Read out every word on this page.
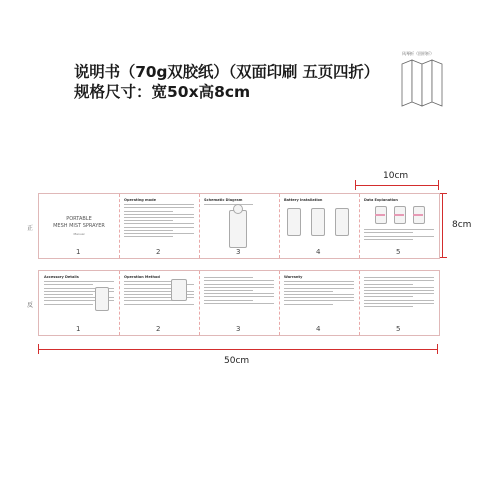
说明书（70g双胶纸）（双面印刷 五页四折）
规格尺寸：宽50x高8cm
风琴折（回形折）
10cm
8cm
正
反
PORTABLE
MESH MIST SPRAYER
Manual
1
Operating mode
2
Schematic Diagram
3
Battery Installation
4
Data Explanation
5
Accessory Details
1
Operation Method
2	3
Warranty
4	5
50cm
